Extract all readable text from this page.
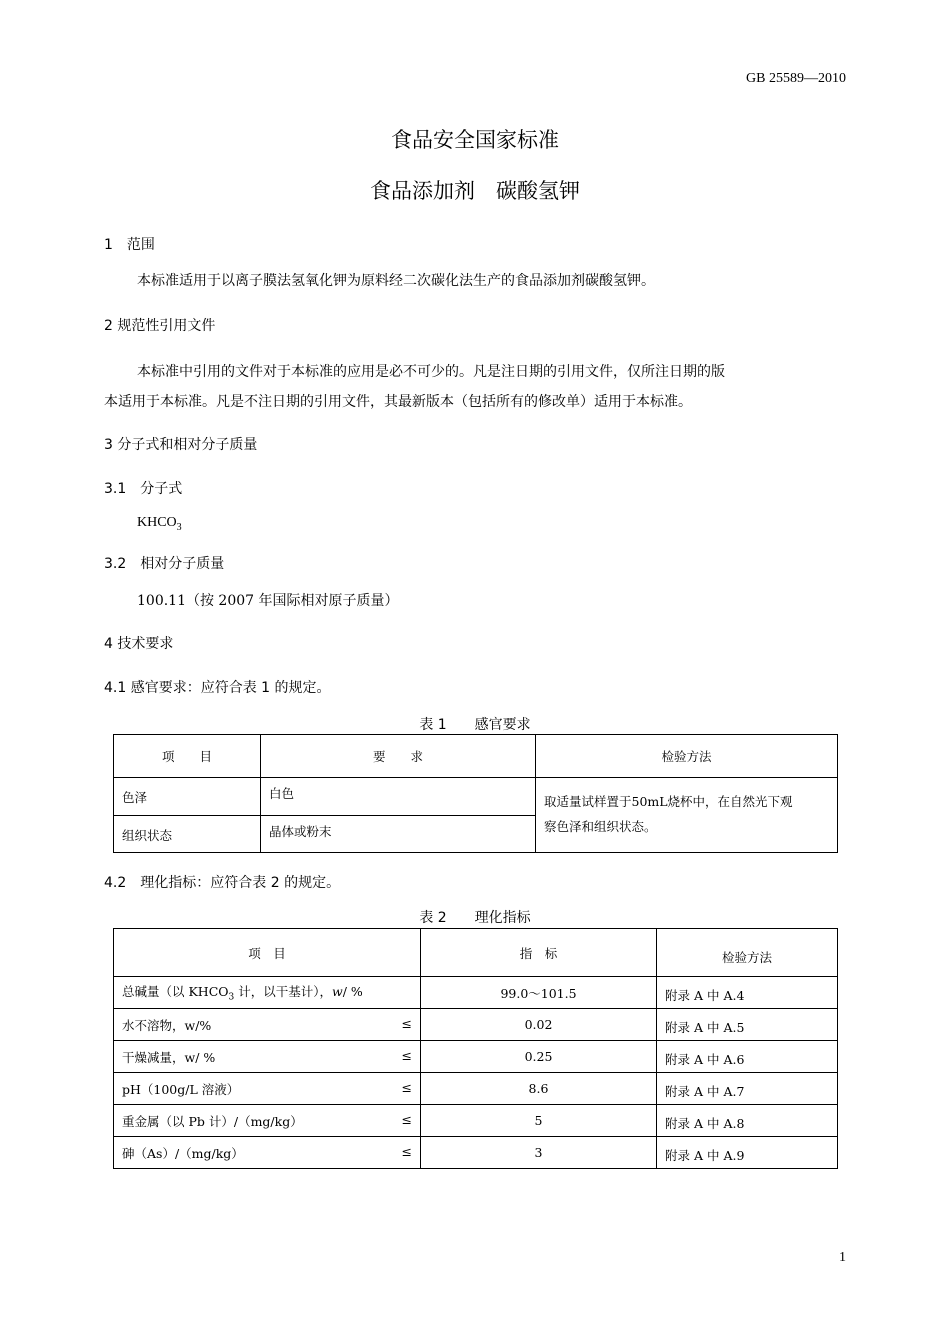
GB 25589—2010
食品安全国家标准
食品添加剂　碳酸氢钾
1　范围
本标准适用于以离子膜法氢氧化钾为原料经二次碳化法生产的食品添加剂碳酸氢钾。
2 规范性引用文件
本标准中引用的文件对于本标准的应用是必不可少的。凡是注日期的引用文件，仅所注日期的版
本适用于本标准。凡是不注日期的引用文件，其最新版本（包括所有的修改单）适用于本标准。
3 分子式和相对分子质量
3.1　分子式
$KHCO_3$
3.2　相对分子质量
100.11（按 2007 年国际相对原子质量）
4 技术要求
4.1 感官要求：应符合表 1 的规定。
表 1　　感官要求
项　　目	要　　求	检验方法
色泽	白色	取适量试样置于50mL烧杯中，在自然光下观
察色泽和组织状态。

组织状态	晶体或粉末	
4.2　理化指标：应符合表 2 的规定。
表 2　　理化指标
项　目	指　标	检验方法
总碱量（以 $KHCO_3$ 计，以干基计），w/ %	99.0～101.5	附录 A 中 A.4
水不溶物，w/% ≤	0.02	附录 A 中 A.5
干燥减量，w/ % ≤	0.25	附录 A 中 A.6
pH（100g/L 溶液） ≤	8.6	附录 A 中 A.7
重金属（以 Pb 计）/（mg/kg） ≤	5	附录 A 中 A.8
砷（As）/（mg/kg） ≤	3	附录 A 中 A.9
1
